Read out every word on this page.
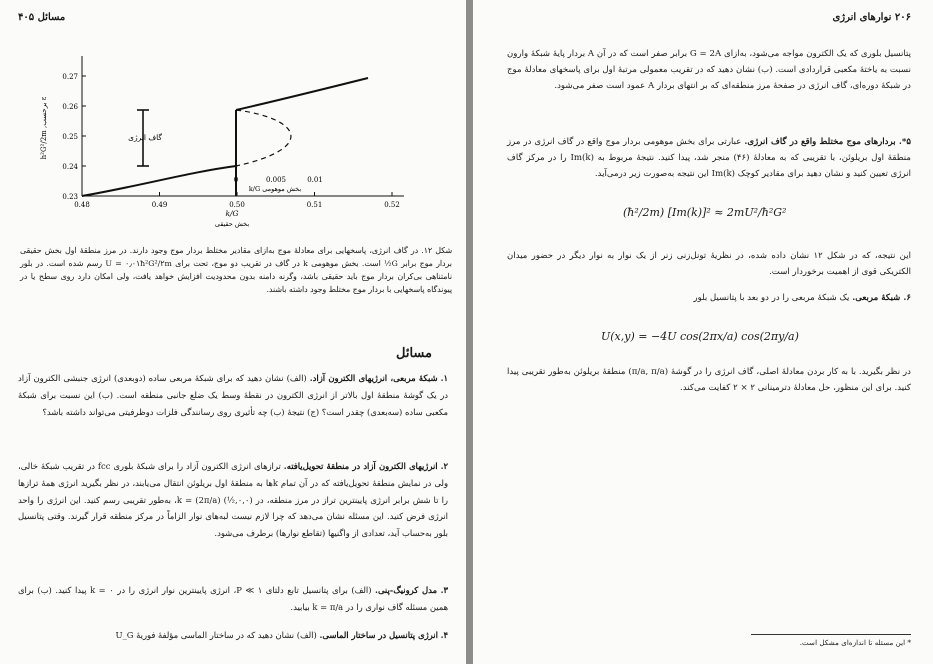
مسائل ۴۰۵
0.48	0.49	0.50	0.51	0.52
0.23
0.24
0.25
0.26
0.27
گاف انرژی
0	0.005	0.01
k/G بخش موهومی
k/G
بخش حقیقی
h²G²/2m ,برحسب ε
شکل ۱۲. در گاف انرژی، پاسخهایی برای معادلهٔ موج به‌ازای مقادیر مختلط بردار موج وجود دارند. در مرز منطقهٔ اول بخش حقیقی بردار موج برابر G½ است. بخش موهومی k در گاف در تقریب دو موج، تحت برای U = ۰٫۰۱ħ²G²/۲m رسم شده است. در بلور نامتناهی بی‌کران بردار موج باید حقیقی باشد، وگرنه دامنه بدون محدودیت افزایش خواهد یافت، ولی امکان دارد روی سطح یا در پیوندگاه پاسخهایی با بردار موج مختلط وجود داشته باشند.
مسائل
۱. شبکهٔ مربعی، انرژیهای الکترون آزاد. (الف) نشان دهید که برای شبکهٔ مربعی ساده (دوبعدی) انرژی جنبشی الکترون آزاد در یک گوشهٔ منطقهٔ اول بالاتر از انرژی الکترون در نقطهٔ وسط یک ضلع جانبی منطقه است. (ب) این نسبت برای شبکهٔ مکعبی ساده (سه‌بعدی) چقدر است؟ (ج) نتیجهٔ (ب) چه تأثیری روی رسانندگی فلزات دوظرفیتی می‌تواند داشته باشد؟
۲. انرژیهای الکترون آزاد در منطقهٔ تحویل‌یافته. ترازهای انرژی الکترون آزاد را برای شبکهٔ بلوری fcc در تقریب شبکهٔ خالی، ولی در نمایش منطقهٔ تحویل‌یافته که در آن تمام k‌ها به منطقهٔ اول بریلوئن انتقال می‌یابند، در نظر بگیرید انرژی همهٔ ترازها را تا شش برابر انرژی پایینترین تراز در مرز منطقه، در (۰,۰,½) k = (2π/a)، به‌طور تقریبی رسم کنید. این انرژی را واحد انرژی فرض کنید. این مسئله نشان می‌دهد که چرا لازم نیست لبه‌های نوار الزاماً در مرکز منطقه قرار گیرند. وقتی پتانسیل بلور به‌حساب آید، تعدادی از واگنیها (تقاطع نوارها) برطرف می‌شود.
۳. مدل کرونیگ-پنی. (الف) برای پتانسیل تابع دلتای P ≪ ۱، انرژی پایینترین نوار انرژی را در k = ۰ پیدا کنید. (ب) برای همین مسئله گاف نواری را در k = π/a بیابید.
۴. انرژی پتانسیل در ساختار الماسی. (الف) نشان دهید که در ساختار الماسی مؤلفهٔ فوریهٔ U_G
۲۰۶ نوارهای انرژی
پتانسیل بلوری که یک الکترون مواجه می‌شود، به‌ازای G = 2A برابر صفر است که در آن A بردار پایهٔ شبکهٔ وارون نسبت به یاختهٔ مکعبی قراردادی است. (ب) نشان دهید که در تقریب معمولی مرتبهٔ اول برای پاسخهای معادلهٔ موج در شبکهٔ دوره‌ای، گاف انرژی در صفحهٔ مرز منطقه‌ای که بر انتهای بردار A عمود است صفر می‌شود.
۵*. بردارهای موج مختلط واقع در گاف انرژی. عبارتی برای بخش موهومی بردار موج واقع در گاف انرژی در مرز منطقهٔ اول بریلوئن، با تقریبی که به معادلهٔ (۴۶) منجر شد، پیدا کنید. نتیجهٔ مربوط به Im(k) را در مرکز گاف انرژی تعیین کنید و نشان دهید برای مقادیر کوچک Im(k) این نتیجه به‌صورت زیر درمی‌آید.
(ħ²/2m) [Im(k)]² ≈ 2mU²/ħ²G²
این نتیجه، که در شکل ۱۲ نشان داده شده، در نظریهٔ تونل‌زنی زنر از یک نوار به نوار دیگر در حضور میدان الکتریکی قوی از اهمیت برخوردار است.
۶. شبکهٔ مربعی. یک شبکهٔ مربعی را در دو بعد با پتانسیل بلور
U(x,y) = −4U cos(2πx/a) cos(2πy/a)
در نظر بگیرید. با به کار بردن معادلهٔ اصلی، گاف انرژی را در گوشهٔ (π/a, π/a) منطقهٔ بریلوئن به‌طور تقریبی پیدا کنید. برای این منظور، حل معادلهٔ دترمینانی ۲ × ۲ کفایت می‌کند.
* این مسئله تا اندازه‌ای مشکل است.
